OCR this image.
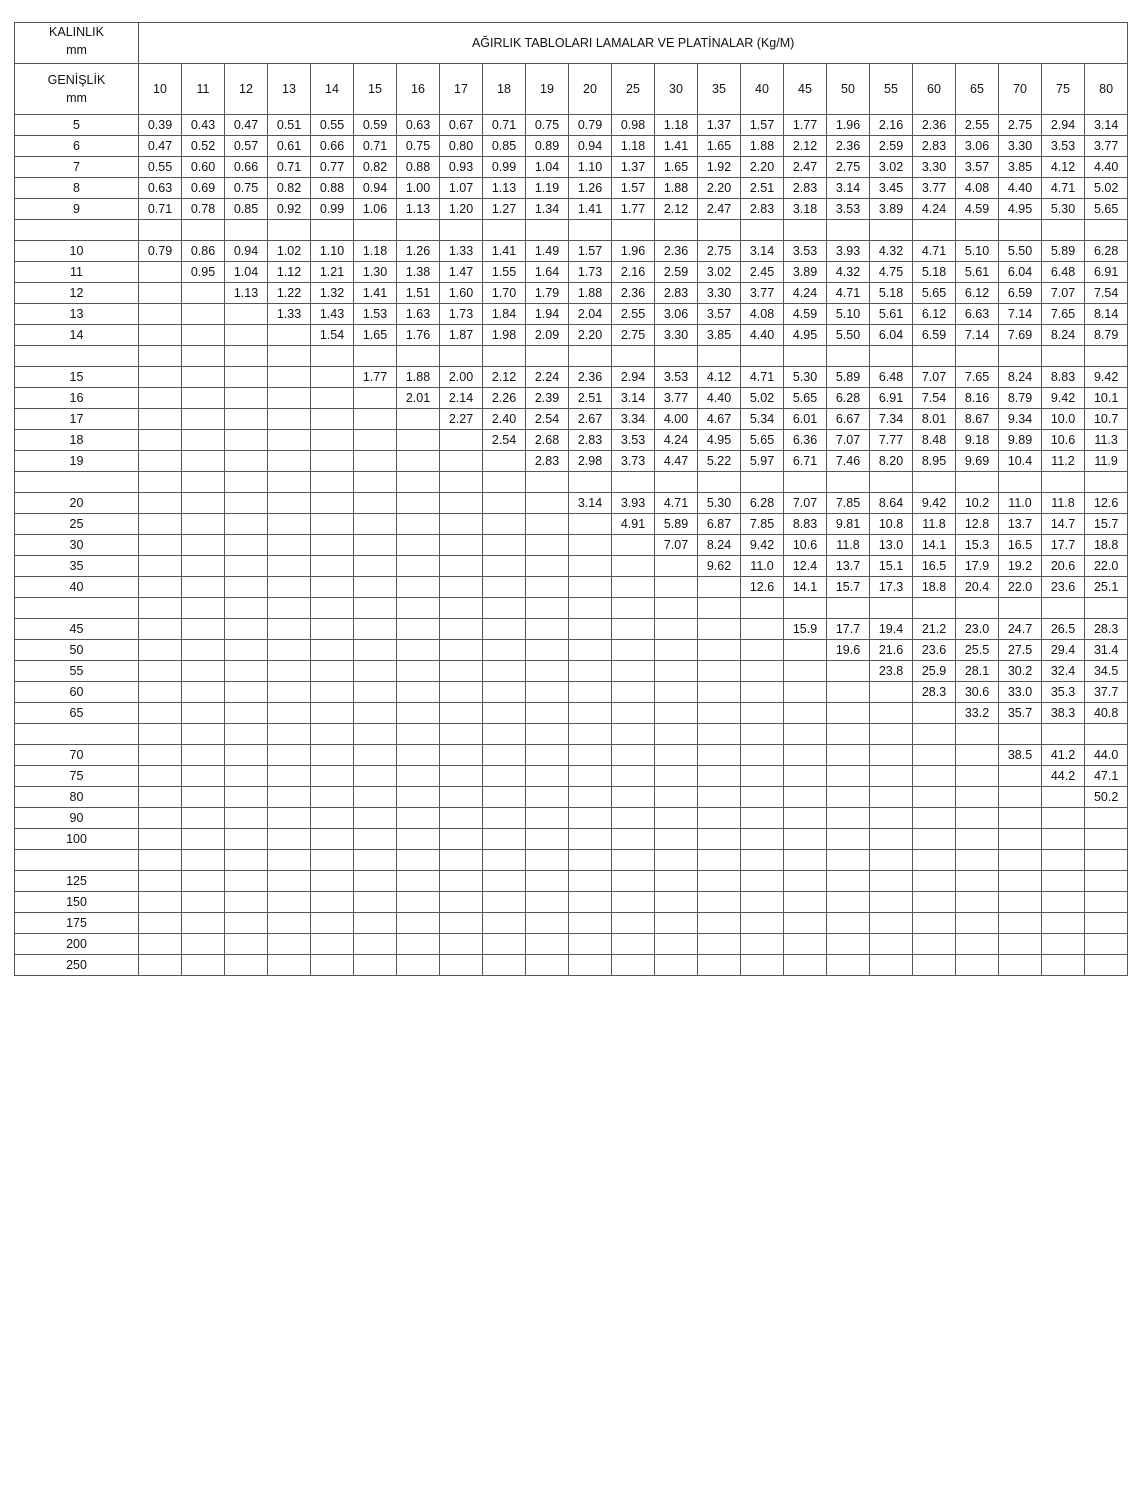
KALINLIK
mm	AĞIRLIK TABLOLARI LAMALAR VE PLATİNALAR (Kg/M)																						
GENİŞLİK
mm	10	11	12	13	14	15	16	17	18	19	20	25	30	35	40	45	50	55	60	65	70	75	80
5	0.39	0.43	0.47	0.51	0.55	0.59	0.63	0.67	0.71	0.75	0.79	0.98	1.18	1.37	1.57	1.77	1.96	2.16	2.36	2.55	2.75	2.94	3.14
6	0.47	0.52	0.57	0.61	0.66	0.71	0.75	0.80	0.85	0.89	0.94	1.18	1.41	1.65	1.88	2.12	2.36	2.59	2.83	3.06	3.30	3.53	3.77
7	0.55	0.60	0.66	0.71	0.77	0.82	0.88	0.93	0.99	1.04	1.10	1.37	1.65	1.92	2.20	2.47	2.75	3.02	3.30	3.57	3.85	4.12	4.40
8	0.63	0.69	0.75	0.82	0.88	0.94	1.00	1.07	1.13	1.19	1.26	1.57	1.88	2.20	2.51	2.83	3.14	3.45	3.77	4.08	4.40	4.71	5.02
9	0.71	0.78	0.85	0.92	0.99	1.06	1.13	1.20	1.27	1.34	1.41	1.77	2.12	2.47	2.83	3.18	3.53	3.89	4.24	4.59	4.95	5.30	5.65

10	0.79	0.86	0.94	1.02	1.10	1.18	1.26	1.33	1.41	1.49	1.57	1.96	2.36	2.75	3.14	3.53	3.93	4.32	4.71	5.10	5.50	5.89	6.28
11		0.95	1.04	1.12	1.21	1.30	1.38	1.47	1.55	1.64	1.73	2.16	2.59	3.02	2.45	3.89	4.32	4.75	5.18	5.61	6.04	6.48	6.91
12			1.13	1.22	1.32	1.41	1.51	1.60	1.70	1.79	1.88	2.36	2.83	3.30	3.77	4.24	4.71	5.18	5.65	6.12	6.59	7.07	7.54
13				1.33	1.43	1.53	1.63	1.73	1.84	1.94	2.04	2.55	3.06	3.57	4.08	4.59	5.10	5.61	6.12	6.63	7.14	7.65	8.14
14					1.54	1.65	1.76	1.87	1.98	2.09	2.20	2.75	3.30	3.85	4.40	4.95	5.50	6.04	6.59	7.14	7.69	8.24	8.79

15						1.77	1.88	2.00	2.12	2.24	2.36	2.94	3.53	4.12	4.71	5.30	5.89	6.48	7.07	7.65	8.24	8.83	9.42
16							2.01	2.14	2.26	2.39	2.51	3.14	3.77	4.40	5.02	5.65	6.28	6.91	7.54	8.16	8.79	9.42	10.1
17								2.27	2.40	2.54	2.67	3.34	4.00	4.67	5.34	6.01	6.67	7.34	8.01	8.67	9.34	10.0	10.7
18									2.54	2.68	2.83	3.53	4.24	4.95	5.65	6.36	7.07	7.77	8.48	9.18	9.89	10.6	11.3
19										2.83	2.98	3.73	4.47	5.22	5.97	6.71	7.46	8.20	8.95	9.69	10.4	11.2	11.9

20											3.14	3.93	4.71	5.30	6.28	7.07	7.85	8.64	9.42	10.2	11.0	11.8	12.6
25												4.91	5.89	6.87	7.85	8.83	9.81	10.8	11.8	12.8	13.7	14.7	15.7
30													7.07	8.24	9.42	10.6	11.8	13.0	14.1	15.3	16.5	17.7	18.8
35														9.62	11.0	12.4	13.7	15.1	16.5	17.9	19.2	20.6	22.0
40															12.6	14.1	15.7	17.3	18.8	20.4	22.0	23.6	25.1

45																15.9	17.7	19.4	21.2	23.0	24.7	26.5	28.3
50																	19.6	21.6	23.6	25.5	27.5	29.4	31.4
55																		23.8	25.9	28.1	30.2	32.4	34.5
60																			28.3	30.6	33.0	35.3	37.7
65																				33.2	35.7	38.3	40.8

70																					38.5	41.2	44.0
75																						44.2	47.1
80																							50.2
90																							
100																							

125																							
150																							
175																							
200																							
250																							
